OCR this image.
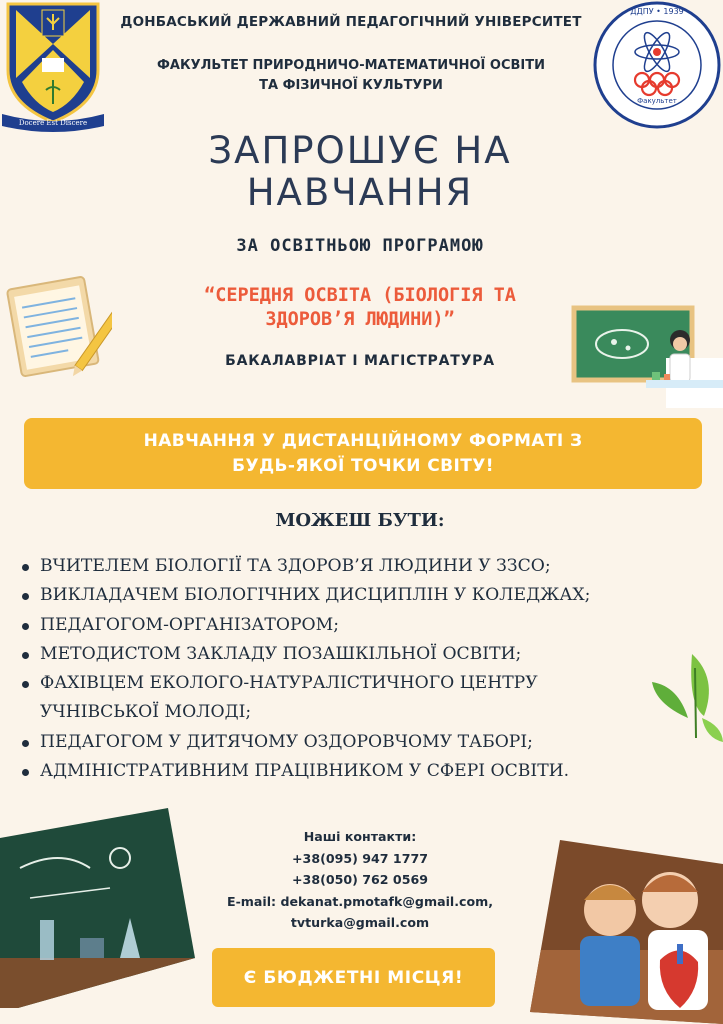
Docere Est Discere
ДДПУ • 1939
Факультет
ДОНБАСЬКИЙ ДЕРЖАВНИЙ ПЕДАГОГІЧНИЙ УНІВЕРСИТЕТ
ФАКУЛЬТЕТ ПРИРОДНИЧО-МАТЕМАТИЧНОЇ ОСВІТИ
ТА ФІЗИЧНОЇ КУЛЬТУРИ
ЗАПРОШУЄ НА
НАВЧАННЯ
ЗА ОСВІТНЬОЮ ПРОГРАМОЮ
“СЕРЕДНЯ ОСВІТА (БІОЛОГІЯ ТА
ЗДОРОВ’Я ЛЮДИНИ)”
БАКАЛАВРІАТ І МАГІСТРАТУРА
НАВЧАННЯ У ДИСТАНЦІЙНОМУ ФОРМАТІ З БУДЬ-ЯКОЇ ТОЧКИ СВІТУ!
МОЖЕШ БУТИ:
ВЧИТЕЛЕМ БІОЛОГІЇ ТА ЗДОРОВ’Я ЛЮДИНИ У ЗЗСО;
ВИКЛАДАЧЕМ БІОЛОГІЧНИХ ДИСЦИПЛІН У КОЛЕДЖАХ;
ПЕДАГОГОМ-ОРГАНІЗАТОРОМ;
МЕТОДИСТОМ ЗАКЛАДУ ПОЗАШКІЛЬНОЇ ОСВІТИ;
ФАХІВЦЕМ ЕКОЛОГО-НАТУРАЛІСТИЧНОГО ЦЕНТРУ
УЧНІВСЬКОЇ МОЛОДІ;
ПЕДАГОГОМ У ДИТЯЧОМУ ОЗДОРОВЧОМУ ТАБОРІ;
АДМІНІСТРАТИВНИМ ПРАЦІВНИКОМ У СФЕРІ ОСВІТИ.
Наші контакти:
+38(095) 947 1777
+38(050) 762 0569
E-mail: dekanat.pmotafk@gmail.com,
tvturka@gmail.com
Є БЮДЖЕТНІ МІСЦЯ!
